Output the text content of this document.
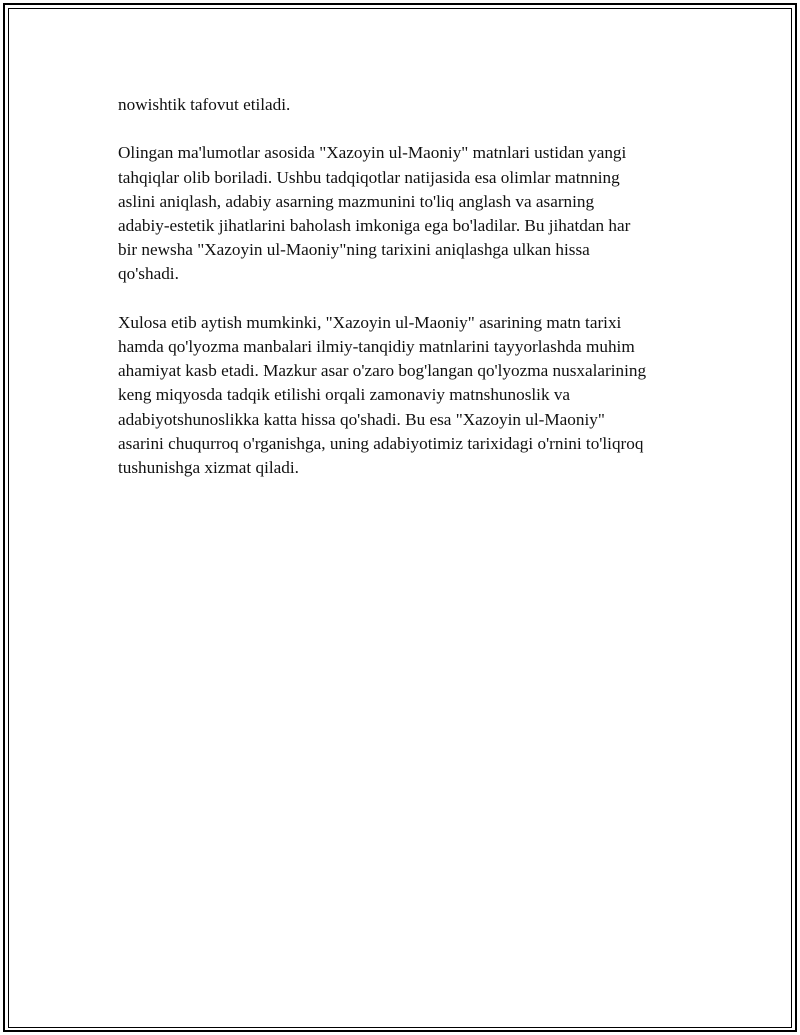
nowishtik tafovut etiladi.

Olingan ma'lumotlar asosida "Xazoyin ul-Maoniy" matnlari ustidan yangi
tahqiqlar olib boriladi. Ushbu tadqiqotlar natijasida esa olimlar matnning
aslini aniqlash, adabiy asarning mazmunini to'liq anglash va asarning
adabiy-estetik jihatlarini baholash imkoniga ega bo'ladilar. Bu jihatdan har
bir newsha "Xazoyin ul-Maoniy"ning tarixini aniqlashga ulkan hissa
qo'shadi.

Xulosa etib aytish mumkinki, "Xazoyin ul-Maoniy" asarining matn tarixi
hamda qo'lyozma manbalari ilmiy-tanqidiy matnlarini tayyorlashda muhim
ahamiyat kasb etadi. Mazkur asar o'zaro bog'langan qo'lyozma nusxalarining
keng miqyosda tadqik etilishi orqali zamonaviy matnshunoslik va
adabiyotshunoslikka katta hissa qo'shadi. Bu esa "Xazoyin ul-Maoniy"
asarini chuqurroq o'rganishga, uning adabiyotimiz tarixidagi o'rnini to'liqroq
tushunishga xizmat qiladi.
